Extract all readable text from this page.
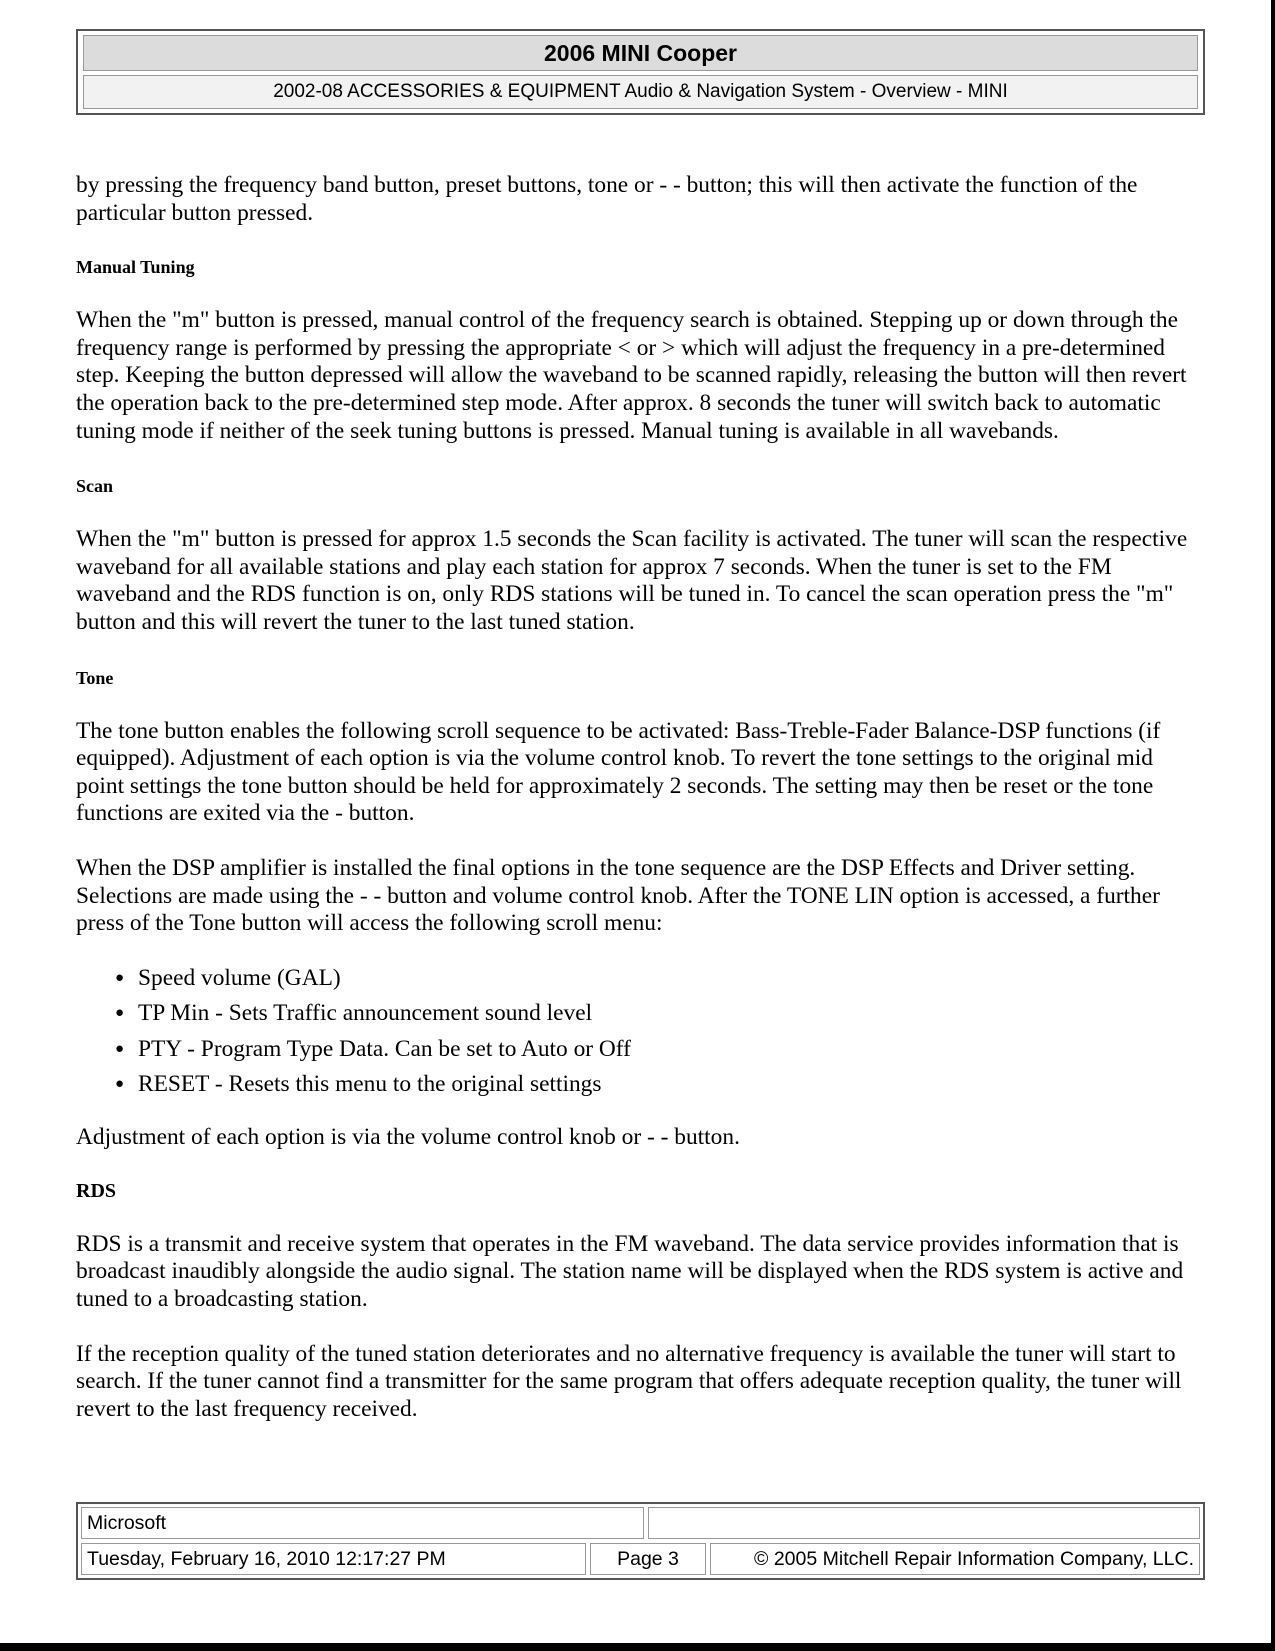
2006 MINI Cooper
2002-08 ACCESSORIES & EQUIPMENT Audio & Navigation System - Overview - MINI

by pressing the frequency band button, preset buttons, tone or - - button; this will then activate the function of the particular button pressed.

Manual Tuning

When the "m" button is pressed, manual control of the frequency search is obtained. Stepping up or down through the frequency range is performed by pressing the appropriate < or > which will adjust the frequency in a pre-determined step. Keeping the button depressed will allow the waveband to be scanned rapidly, releasing the button will then revert the operation back to the pre-determined step mode. After approx. 8 seconds the tuner will switch back to automatic tuning mode if neither of the seek tuning buttons is pressed. Manual tuning is available in all wavebands.

Scan

When the "m" button is pressed for approx 1.5 seconds the Scan facility is activated. The tuner will scan the respective waveband for all available stations and play each station for approx 7 seconds. When the tuner is set to the FM waveband and the RDS function is on, only RDS stations will be tuned in. To cancel the scan operation press the "m" button and this will revert the tuner to the last tuned station.

Tone

The tone button enables the following scroll sequence to be activated: Bass-Treble-Fader Balance-DSP functions (if equipped). Adjustment of each option is via the volume control knob. To revert the tone settings to the original mid point settings the tone button should be held for approximately 2 seconds. The setting may then be reset or the tone functions are exited via the - button.

When the DSP amplifier is installed the final options in the tone sequence are the DSP Effects and Driver setting. Selections are made using the - - button and volume control knob. After the TONE LIN option is accessed, a further press of the Tone button will access the following scroll menu:

● Speed volume (GAL)
● TP Min - Sets Traffic announcement sound level
● PTY - Program Type Data. Can be set to Auto or Off
● RESET - Resets this menu to the original settings

Adjustment of each option is via the volume control knob or - - button.

RDS

RDS is a transmit and receive system that operates in the FM waveband. The data service provides information that is broadcast inaudibly alongside the audio signal. The station name will be displayed when the RDS system is active and tuned to a broadcasting station.

If the reception quality of the tuned station deteriorates and no alternative frequency is available the tuner will start to search. If the tuner cannot find a transmitter for the same program that offers adequate reception quality, the tuner will revert to the last frequency received.

Microsoft
Tuesday, February 16, 2010 12:17:27 PM	Page 3	© 2005 Mitchell Repair Information Company, LLC.
